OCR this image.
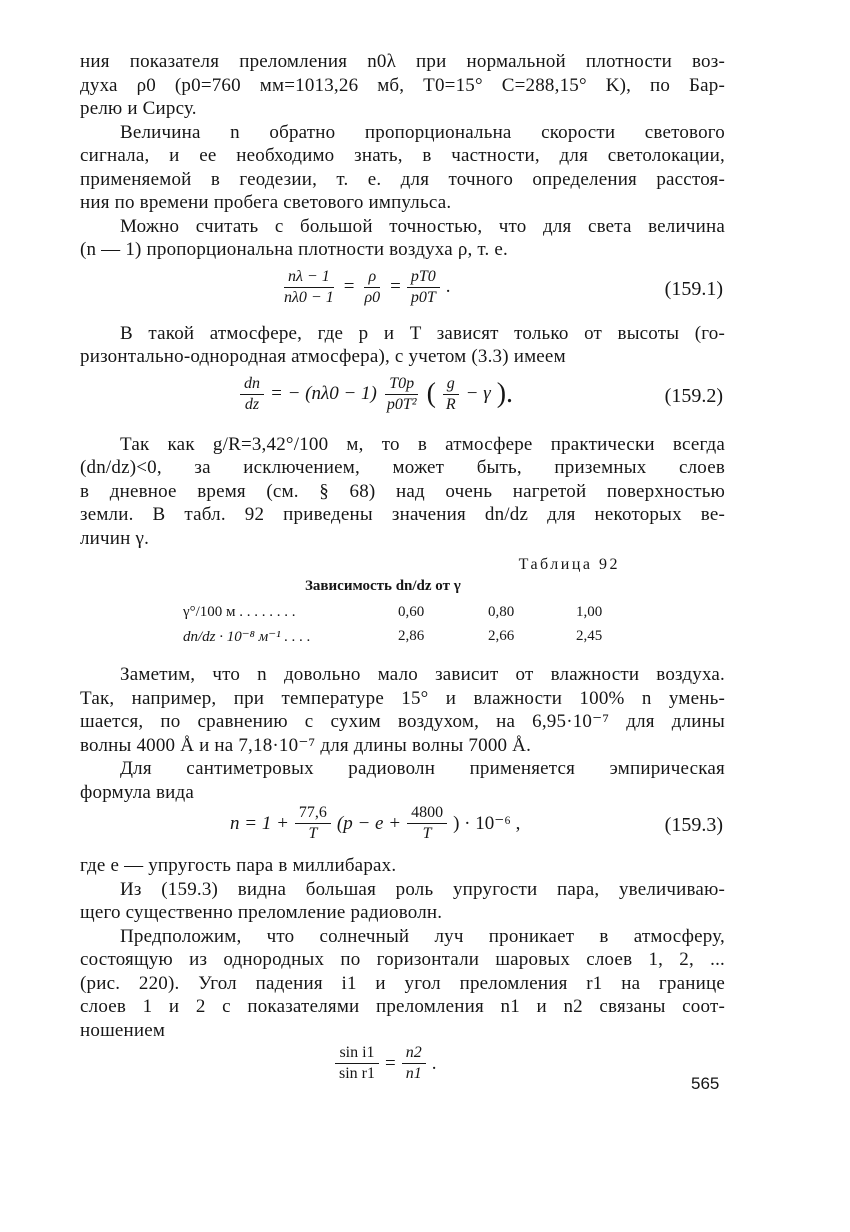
ния показателя преломления n0λ при нормальной плотности воз-
духа ρ0 (p0=760 мм=1013,26 мб, T0=15° C=288,15° K), по Бар-
релю и Сирсу.

Величина n обратно пропорциональна скорости светового
сигнала, и ее необходимо знать, в частности, для светолокации,
применяемой в геодезии, т. е. для точного определения расстоя-
ния по времени пробега светового импульса.

Можно считать с большой точностью, что для света величина
(n — 1) пропорциональна плотности воздуха ρ, т. е.

$\frac{n\lambda - 1}{n\lambda 0 - 1} = \frac{\rho}{\rho 0} = \frac{pT0}{p0T}$ .	(159.1)

В такой атмосфере, где p и T зависят только от высоты (го-
ризонтально-однородная атмосфера), с учетом (3.3) имеем

$\frac{dn}{dz}$ = − $(n\lambda 0 - 1) \frac{T0p}{\text{p0T²}}$ ( $\frac{g}{R} - \gamma$ ).	(159.2)

Так как g/R=3,42°/100 м, то в атмосфере практически всегда
(dn/dz)<0, за исключением, может быть, приземных слоев
в дневное время (см. § 68) над очень нагретой поверхностью
земли. В табл. 92 приведены значения dn/dz для некоторых ве-
личин γ.

Таблица 92
Зависимость dn/dz от γ
γ°/100 м . . . . . . . .	0,60	0,80	1,00
dn/dz · 10⁻⁸ м⁻¹ . . . .	2,86	2,66	2,45

Заметим, что n довольно мало зависит от влажности воздуха.
Так, например, при температуре 15° и влажности 100% n умень-
шается, по сравнению с сухим воздухом, на 6,95·10⁻⁷ для длины
волны 4000 Å и на 7,18·10⁻⁷ для длины волны 7000 Å.

Для сантиметровых радиоволн применяется эмпирическая
формула вида

$n = 1 + \frac{77,6}{T} (p - e + \frac{4800}{T}$ ) · 10⁻⁶ ,	(159.3)

где e — упругость пара в миллибарах.

Из (159.3) видна большая роль упругости пара, увеличиваю-
щего существенно преломление радиоволн.

Предположим, что солнечный луч проникает в атмосферу,
состоящую из однородных по горизонтали шаровых слоев 1, 2, ...
(рис. 220). Угол падения i1 и угол преломления r1 на границе
слоев 1 и 2 с показателями преломления n1 и n2 связаны соот-
ношением

$\frac{\text{sin i1}}{\text{sin r1}} = \frac{n2}{n1}$ .
565
